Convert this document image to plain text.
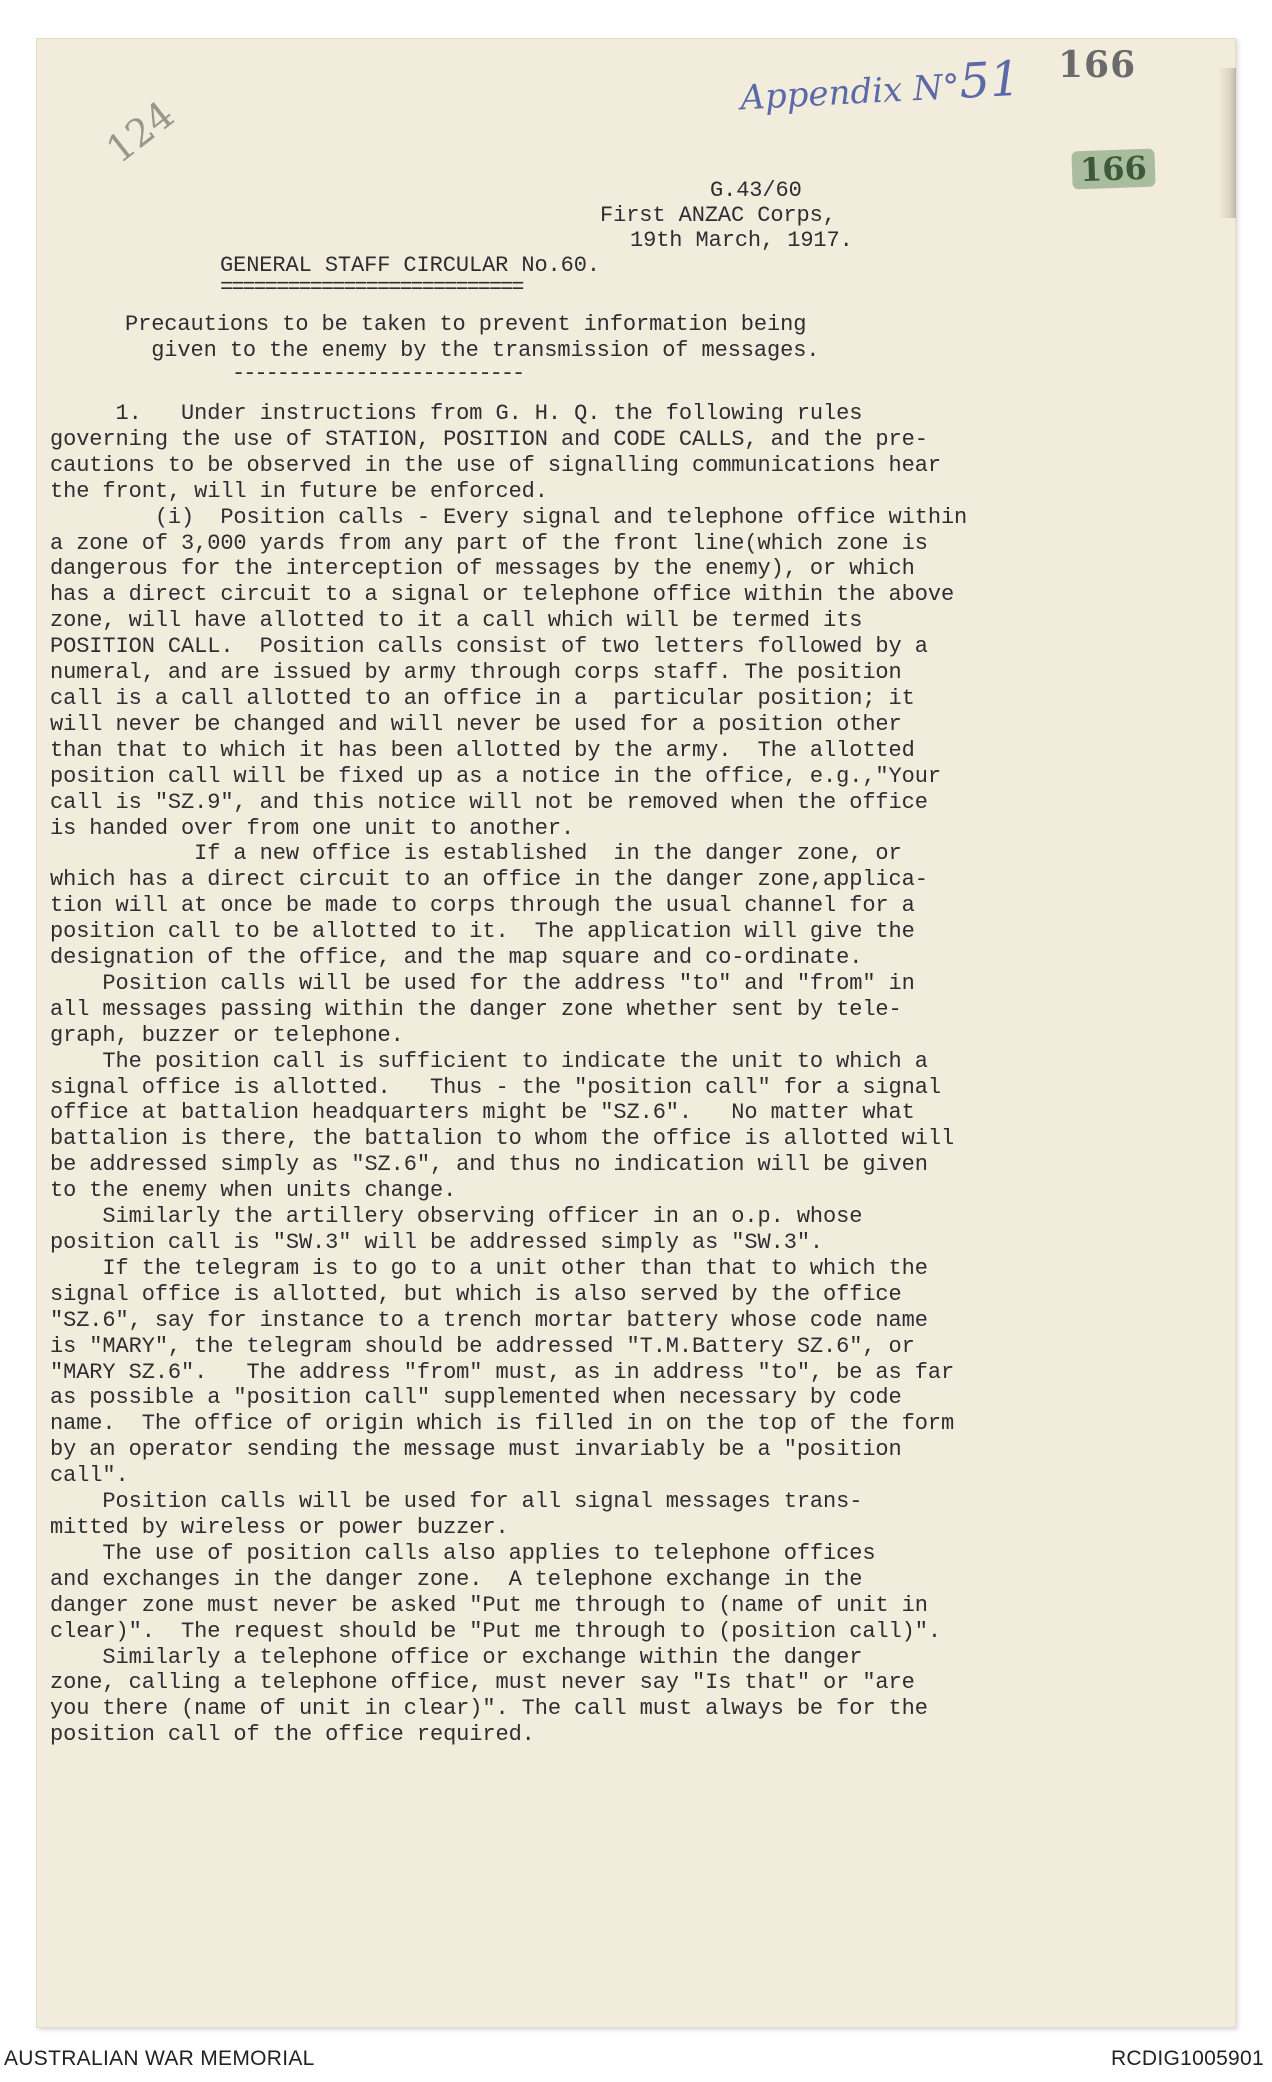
Appendix N°51 166
124	166
G.43/60
First ANZAC Corps,
19th March, 1917.
GENERAL STAFF CIRCULAR No.60.
===========================
Precautions to be taken to prevent information being
given to the enemy by the transmission of messages.
--------------------------
1.   Under instructions from G. H. Q. the following rules
governing the use of STATION, POSITION and CODE CALLS, and the pre-
cautions to be observed in the use of signalling communications hear
the front, will in future be enforced.
(i)  Position calls - Every signal and telephone office within
a zone of 3,000 yards from any part of the front line(which zone is
dangerous for the interception of messages by the enemy), or which
has a direct circuit to a signal or telephone office within the above
zone, will have allotted to it a call which will be termed its
POSITION CALL.  Position calls consist of two letters followed by a
numeral, and are issued by army through corps staff. The position
call is a call allotted to an office in a  particular position; it
will never be changed and will never be used for a position other
than that to which it has been allotted by the army.  The allotted
position call will be fixed up as a notice in the office, e.g.,"Your
call is "SZ.9", and this notice will not be removed when the office
is handed over from one unit to another.
If a new office is established  in the danger zone, or
which has a direct circuit to an office in the danger zone,applica-
tion will at once be made to corps through the usual channel for a
position call to be allotted to it.  The application will give the
designation of the office, and the map square and co-ordinate.
Position calls will be used for the address "to" and "from" in
all messages passing within the danger zone whether sent by tele-
graph, buzzer or telephone.
The position call is sufficient to indicate the unit to which a
signal office is allotted.   Thus - the "position call" for a signal
office at battalion headquarters might be "SZ.6".   No matter what
battalion is there, the battalion to whom the office is allotted will
be addressed simply as "SZ.6", and thus no indication will be given
to the enemy when units change.
Similarly the artillery observing officer in an o.p. whose
position call is "SW.3" will be addressed simply as "SW.3".
If the telegram is to go to a unit other than that to which the
signal office is allotted, but which is also served by the office
"SZ.6", say for instance to a trench mortar battery whose code name
is "MARY", the telegram should be addressed "T.M.Battery SZ.6", or
"MARY SZ.6".   The address "from" must, as in address "to", be as far
as possible a "position call" supplemented when necessary by code
name.  The office of origin which is filled in on the top of the form
by an operator sending the message must invariably be a "position
call".
Position calls will be used for all signal messages trans-
mitted by wireless or power buzzer.
The use of position calls also applies to telephone offices
and exchanges in the danger zone.  A telephone exchange in the
danger zone must never be asked "Put me through to (name of unit in
clear)".  The request should be "Put me through to (position call)".
Similarly a telephone office or exchange within the danger
zone, calling a telephone office, must never say "Is that" or "are
you there (name of unit in clear)". The call must always be for the
position call of the office required.
AUSTRALIAN WAR MEMORIAL	RCDIG1005901
